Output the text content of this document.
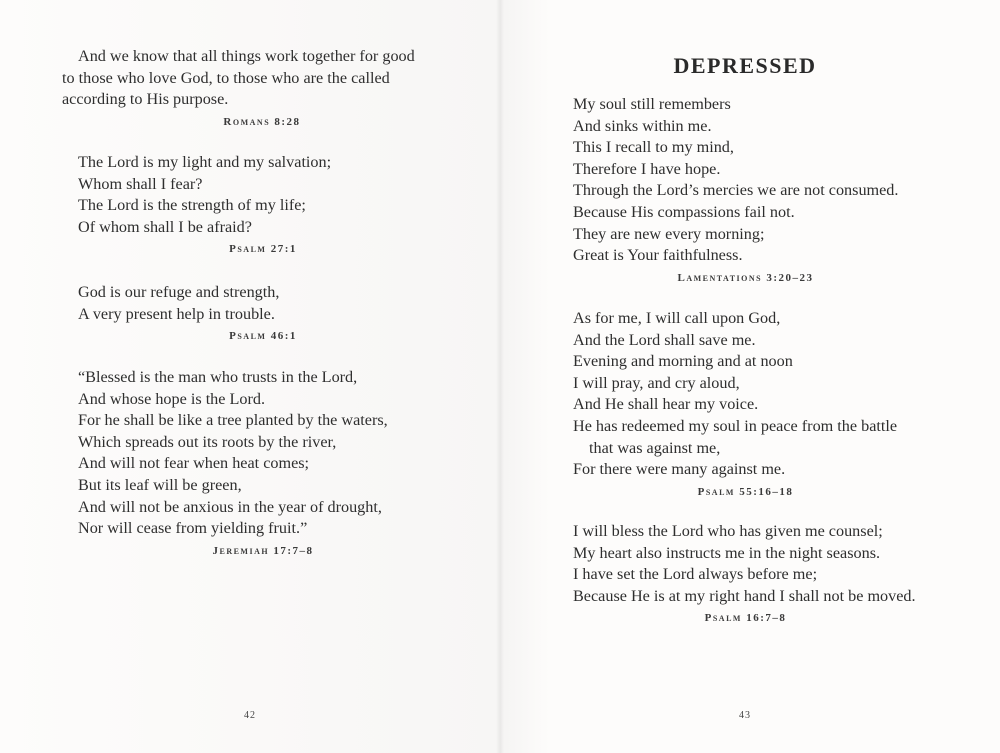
And we know that all things work together for good
to those who love God, to those who are the called
according to His purpose.
Romans 8:28
The Lord is my light and my salvation;
Whom shall I fear?
The Lord is the strength of my life;
Of whom shall I be afraid?
Psalm 27:1
God is our refuge and strength,
A very present help in trouble.
Psalm 46:1
“Blessed is the man who trusts in the Lord,
And whose hope is the Lord.
For he shall be like a tree planted by the waters,
Which spreads out its roots by the river,
And will not fear when heat comes;
But its leaf will be green,
And will not be anxious in the year of drought,
Nor will cease from yielding fruit.”
Jeremiah 17:7–8
42
DEPRESSED
My soul still remembers
And sinks within me.
This I recall to my mind,
Therefore I have hope.
Through the Lord’s mercies we are not consumed.
Because His compassions fail not.
They are new every morning;
Great is Your faithfulness.
Lamentations 3:20–23
As for me, I will call upon God,
And the Lord shall save me.
Evening and morning and at noon
I will pray, and cry aloud,
And He shall hear my voice.
He has redeemed my soul in peace from the battle
that was against me,
For there were many against me.
Psalm 55:16–18
I will bless the Lord who has given me counsel;
My heart also instructs me in the night seasons.
I have set the Lord always before me;
Because He is at my right hand I shall not be moved.
Psalm 16:7–8
43
